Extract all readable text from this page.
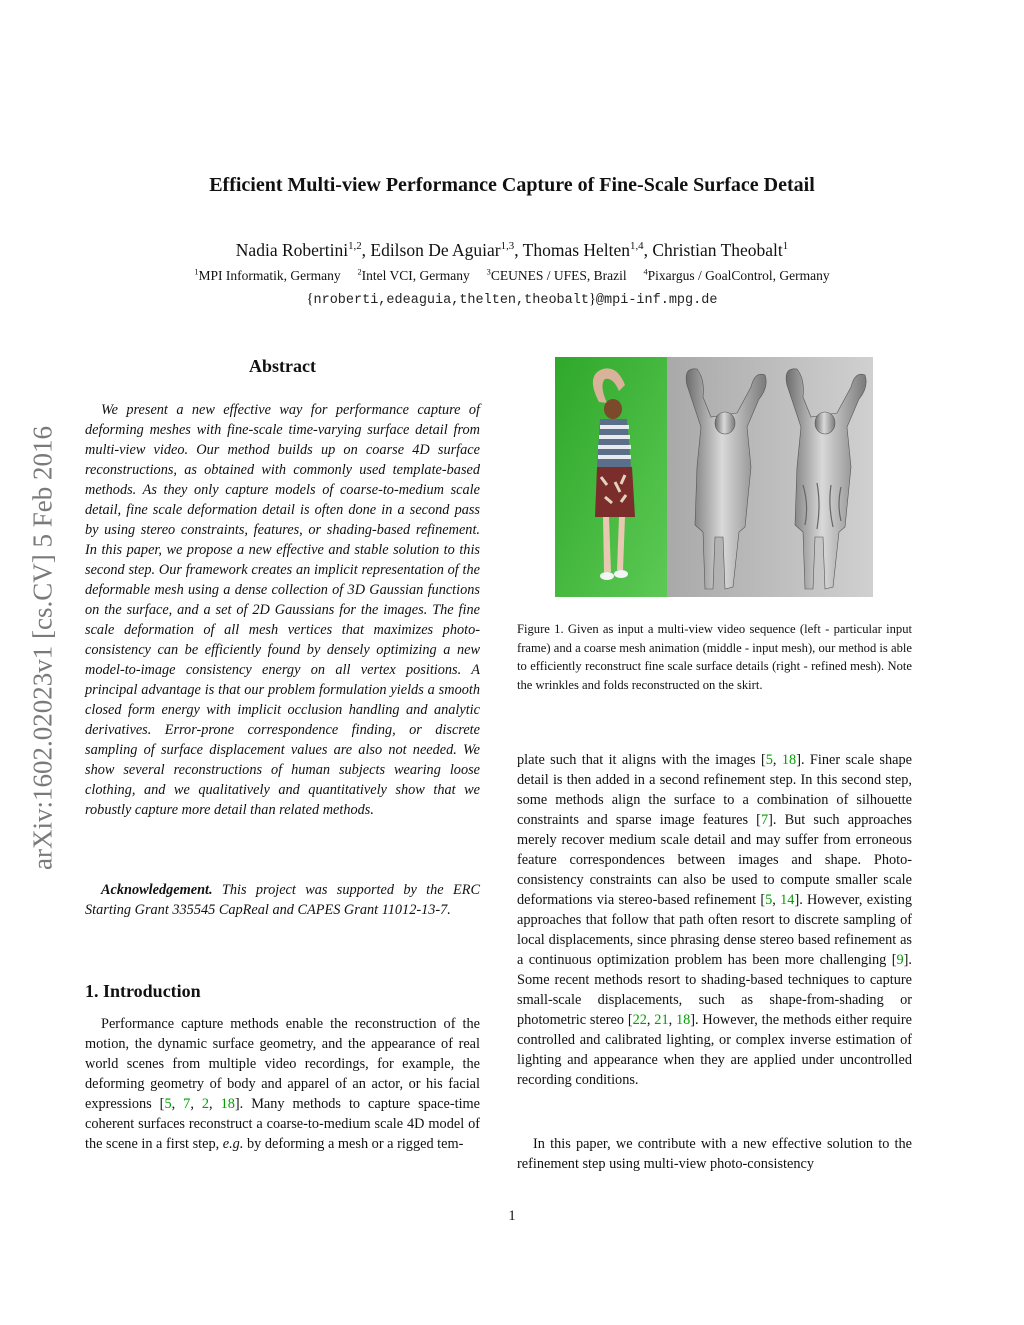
Efficient Multi-view Performance Capture of Fine-Scale Surface Detail
Nadia Robertini$^{1,2}$, Edilson De Aguiar$^{1,3}$, Thomas Helten$^{1,4}$, Christian Theobalt$^1$
$^1$MPI Informatik, Germany $^2$Intel VCI, Germany $^3$CEUNES / UFES, Brazil $^4$Pixargus / GoalControl, Germany
{nroberti,edeaguia,thelten,theobalt}@mpi-inf.mpg.de
arXiv:1602.02023v1 [cs.CV] 5 Feb 2016
Abstract

We present a new effective way for performance capture of deforming meshes with fine-scale time-varying surface detail from multi-view video. Our method builds up on coarse 4D surface reconstructions, as obtained with commonly used template-based methods. As they only capture models of coarse-to-medium scale detail, fine scale deformation detail is often done in a second pass by using stereo constraints, features, or shading-based refinement. In this paper, we propose a new effective and stable solution to this second step. Our framework creates an implicit representation of the deformable mesh using a dense collection of 3D Gaussian functions on the surface, and a set of 2D Gaussians for the images. The fine scale deformation of all mesh vertices that maximizes photo-consistency can be efficiently found by densely optimizing a new model-to-image consistency energy on all vertex positions. A principal advantage is that our problem formulation yields a smooth closed form energy with implicit occlusion handling and analytic derivatives. Error-prone correspondence finding, or discrete sampling of surface displacement values are also not needed. We show several reconstructions of human subjects wearing loose clothing, and we qualitatively and quantitatively show that we robustly capture more detail than related methods.

Acknowledgement. This project was supported by the ERC Starting Grant 335545 CapReal and CAPES Grant 11012-13-7.

1. Introduction

Performance capture methods enable the reconstruction of the motion, the dynamic surface geometry, and the appearance of real world scenes from multiple video recordings, for example, the deforming geometry of body and apparel of an actor, or his facial expressions [5, 7, 2, 18]. Many methods to capture space-time coherent surfaces reconstruct a coarse-to-medium scale 4D model of the scene in a first step, e.g. by deforming a mesh or a rigged tem-

Figure 1. Given as input a multi-view video sequence (left - particular input frame) and a coarse mesh animation (middle - input mesh), our method is able to efficiently reconstruct fine scale surface details (right - refined mesh). Note the wrinkles and folds reconstructed on the skirt.

plate such that it aligns with the images [5, 18]. Finer scale shape detail is then added in a second refinement step. In this second step, some methods align the surface to a combination of silhouette constraints and sparse image features [7]. But such approaches merely recover medium scale detail and may suffer from erroneous feature correspondences between images and shape. Photo-consistency constraints can also be used to compute smaller scale deformations via stereo-based refinement [5, 14]. However, existing approaches that follow that path often resort to discrete sampling of local displacements, since phrasing dense stereo based refinement as a continuous optimization problem has been more challenging [9]. Some recent methods resort to shading-based techniques to capture small-scale displacements, such as shape-from-shading or photometric stereo [22, 21, 18]. However, the methods either require controlled and calibrated lighting, or complex inverse estimation of lighting and appearance when they are applied under uncontrolled recording conditions.

In this paper, we contribute with a new effective solution to the refinement step using multi-view photo-consistency

1
